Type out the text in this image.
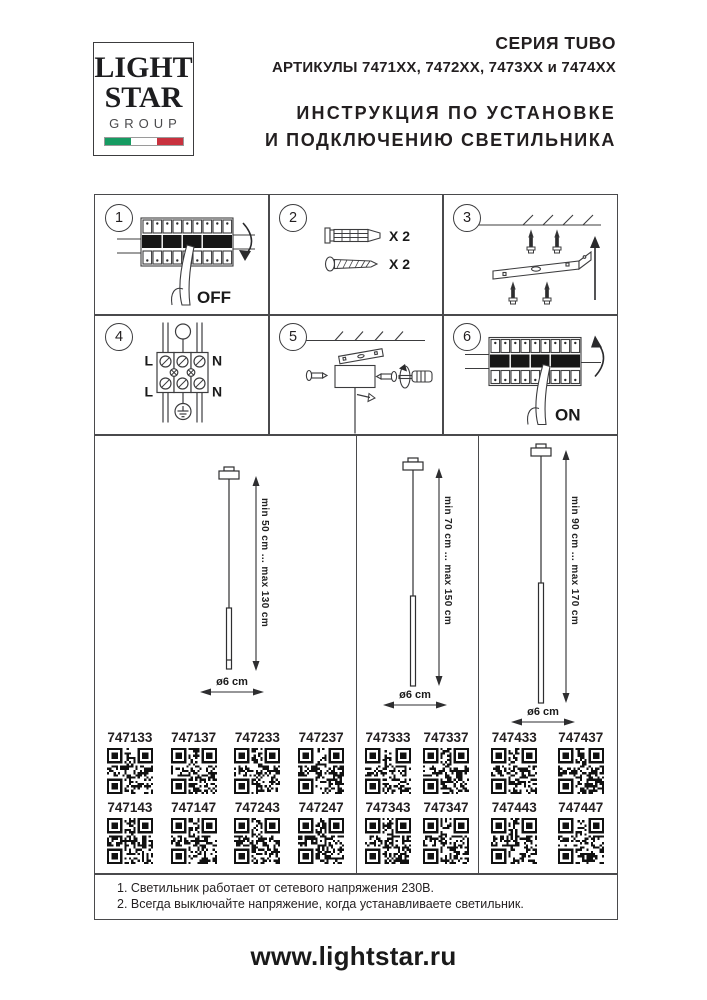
LIGHT
STAR
GROUP
СЕРИЯ TUBO
АРТИКУЛЫ 7471XX, 7472XX, 7473XX и 7474XX
ИНСТРУКЦИЯ ПО УСТАНОВКЕ
И ПОДКЛЮЧЕНИЮ СВЕТИЛЬНИКА
1
OFF
2
X 2
X 2
3
4
L	N
L	N
5	6
ON
ø6 cm
min 50 cm ... max 130 cm
747133 747137 747233 747237
747143 747147 747243 747247
ø6 cm
min 70 cm ... max 150 cm
747333 747337
747343 747347
ø6 cm
min 90 cm ... max 170 cm
747433 747437
747443 747447

1. Светильник работает от сетевого напряжения 230В.

2. Всегда выключайте напряжение, когда устанавливаете светильник.

www.lightstar.ru
